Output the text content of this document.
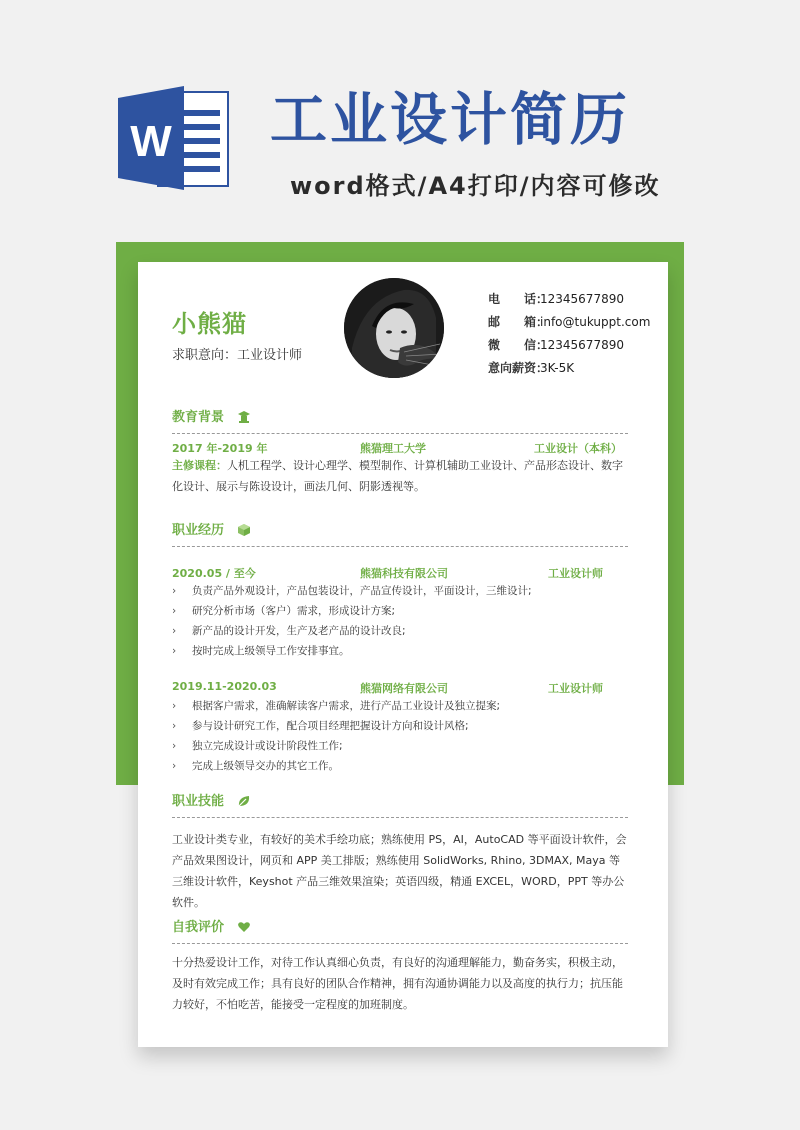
W 工业设计简历
word格式/A4打印/内容可修改
小熊猫
求职意向：工业设计师
电　　话：12345677890
邮　　箱：info@tukuppt.com
微　　信：12345677890
意向薪资：3K-5K
教育背景
2017 年-2019 年	熊猫理工大学	工业设计（本科）
主修课程：人机工程学、设计心理学、模型制作、计算机辅助工业设计、产品形态设计、数字化设计、展示与陈设设计，画法几何、阴影透视等。
职业经历
2020.05 / 至今	熊猫科技有限公司	工业设计师
› 负责产品外观设计，产品包装设计，产品宣传设计，平面设计，三维设计;
› 研究分析市场（客户）需求，形成设计方案;
› 新产品的设计开发，生产及老产品的设计改良;
› 按时完成上级领导工作安排事宜。
2019.11-2020.03	熊猫网络有限公司	工业设计师
› 根据客户需求，准确解读客户需求，进行产品工业设计及独立提案;
› 参与设计研究工作，配合项目经理把握设计方向和设计风格;
› 独立完成设计或设计阶段性工作;
› 完成上级领导交办的其它工作。
职业技能
工业设计类专业，有较好的美术手绘功底；熟练使用 PS，AI，AutoCAD 等平面设计软件，会产品效果图设计，网页和 APP 美工排版；熟练使用 SolidWorks, Rhino, 3DMAX, Maya 等三维设计软件，Keyshot 产品三维效果渲染；英语四级，精通 EXCEL，WORD，PPT 等办公软件。
自我评价
十分热爱设计工作，对待工作认真细心负责，有良好的沟通理解能力，勤奋务实，积极主动，及时有效完成工作；具有良好的团队合作精神，拥有沟通协调能力以及高度的执行力；抗压能力较好，不怕吃苦，能接受一定程度的加班制度。
